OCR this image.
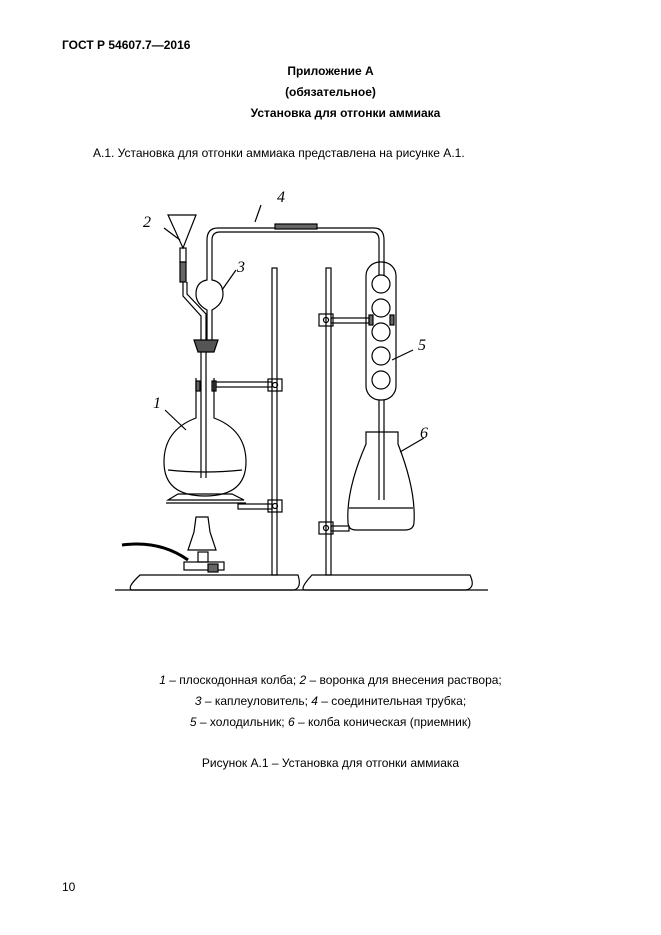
ГОСТ Р 54607.7—2016
Приложение А
(обязательное)
Установка для отгонки аммиака
А.1. Установка для отгонки аммиака представлена на рисунке А.1.
1
2
3
4
5
6
1 – плоскодонная колба; 2 – воронка для внесения раствора;
3 – каплеуловитель; 4 – соединительная трубка;
5 – холодильник; 6 – колба коническая (приемник)
Рисунок А.1 – Установка для отгонки аммиака
10
